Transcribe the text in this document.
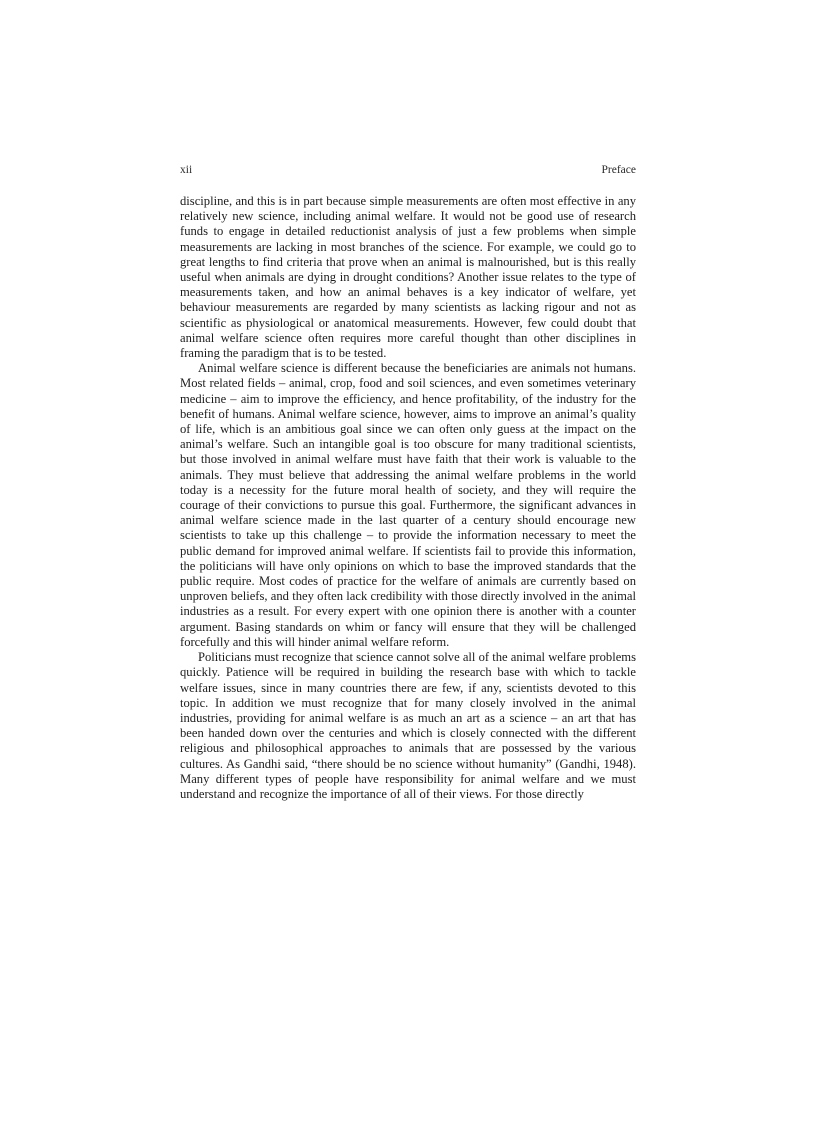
xii	Preface

discipline, and this is in part because simple measurements are often most effective in any relatively new science, including animal welfare. It would not be good use of research funds to engage in detailed reductionist analysis of just a few problems when simple measurements are lacking in most branches of the science. For example, we could go to great lengths to find criteria that prove when an animal is malnourished, but is this really useful when animals are dying in drought conditions? Another issue relates to the type of measurements taken, and how an animal behaves is a key indicator of welfare, yet behaviour measurements are regarded by many scientists as lacking rigour and not as scientific as physiological or anatomical measurements. However, few could doubt that animal welfare science often requires more careful thought than other disciplines in framing the paradigm that is to be tested.

Animal welfare science is different because the beneficiaries are animals not humans. Most related fields – animal, crop, food and soil sciences, and even sometimes veterinary medicine – aim to improve the efficiency, and hence profitability, of the industry for the benefit of humans. Animal welfare science, however, aims to improve an animal’s quality of life, which is an ambitious goal since we can often only guess at the impact on the animal’s welfare. Such an intangible goal is too obscure for many traditional scientists, but those involved in animal welfare must have faith that their work is valuable to the animals. They must believe that addressing the animal welfare problems in the world today is a necessity for the future moral health of society, and they will require the courage of their convictions to pursue this goal. Furthermore, the significant advances in animal welfare science made in the last quarter of a century should encourage new scientists to take up this challenge – to provide the information necessary to meet the public demand for improved animal welfare. If scientists fail to provide this information, the politicians will have only opinions on which to base the improved standards that the public require. Most codes of practice for the welfare of animals are currently based on unproven beliefs, and they often lack credibility with those directly involved in the animal industries as a result. For every expert with one opinion there is another with a counter argument. Basing standards on whim or fancy will ensure that they will be challenged forcefully and this will hinder animal welfare reform.

Politicians must recognize that science cannot solve all of the animal welfare problems quickly. Patience will be required in building the research base with which to tackle welfare issues, since in many countries there are few, if any, scientists devoted to this topic. In addition we must recognize that for many closely involved in the animal industries, providing for animal welfare is as much an art as a science – an art that has been handed down over the centuries and which is closely connected with the different religious and philosophical approaches to animals that are possessed by the various cultures. As Gandhi said, “there should be no science without humanity” (Gandhi, 1948). Many different types of people have responsibility for animal welfare and we must understand and recognize the importance of all of their views. For those directly
